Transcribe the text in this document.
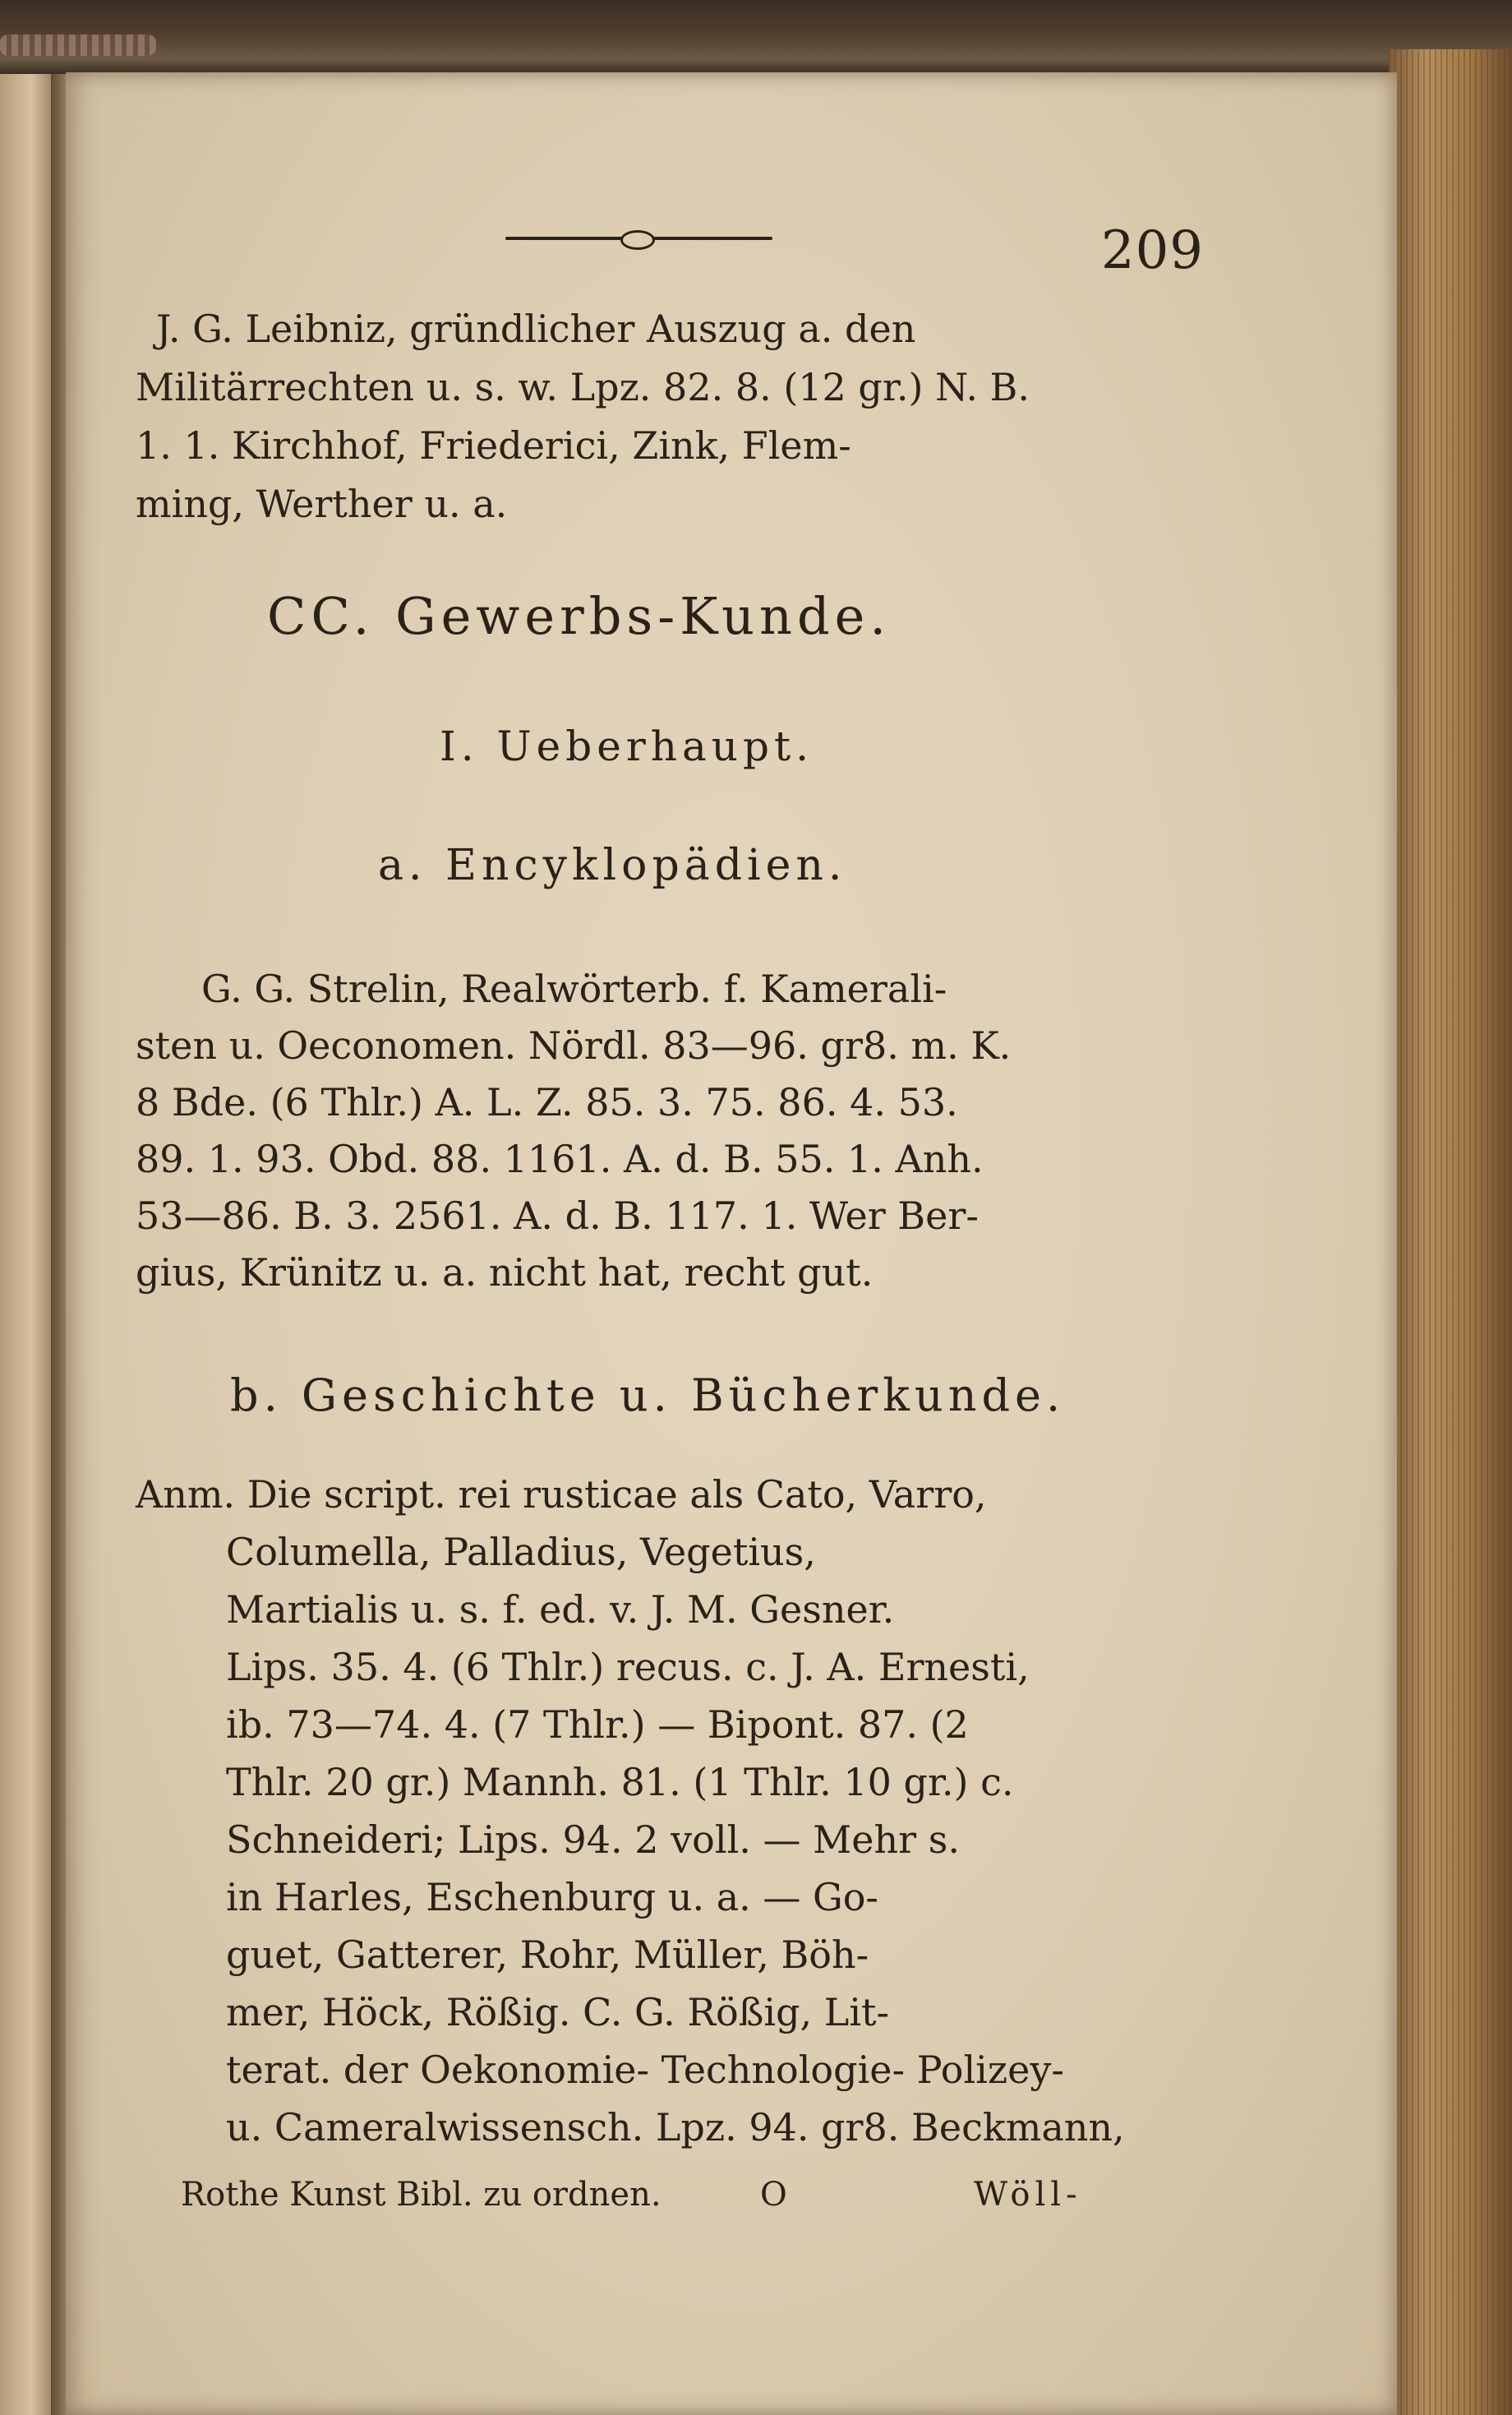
209
J. G. Leibniz, gründlicher Auszug a. den
Militärrechten u. s. w. Lpz. 82. 8. (12 gr.) N. B.
1. 1. Kirchhof, Friederici, Zink, Flem-
ming, Werther u. a.
CC. Gewerbs-Kunde.
I. Ueberhaupt.
a. Encyklopädien.
G. G. Strelin, Realwörterb. f. Kamerali-
sten u. Oeconomen. Nördl. 83—96. gr8. m. K.
8 Bde. (6 Thlr.) A. L. Z. 85. 3. 75. 86. 4. 53.
89. 1. 93. Obd. 88. 1161. A. d. B. 55. 1. Anh.
53—86. B. 3. 2561. A. d. B. 117. 1. Wer Ber-
gius, Krünitz u. a. nicht hat, recht gut.
b. Geschichte u. Bücherkunde.
Anm. Die script. rei rusticae als Cato, Varro,
Columella, Palladius, Vegetius,
Martialis u. s. f. ed. v. J. M. Gesner.
Lips. 35. 4. (6 Thlr.) recus. c. J. A. Ernesti,
ib. 73—74. 4. (7 Thlr.) — Bipont. 87. (2
Thlr. 20 gr.) Mannh. 81. (1 Thlr. 10 gr.) c.
Schneideri; Lips. 94. 2 voll. — Mehr s.
in Harles, Eschenburg u. a. — Go-
guet, Gatterer, Rohr, Müller, Böh-
mer, Höck, Rößig. C. G. Rößig, Lit-
terat. der Oekonomie- Technologie- Polizey-
u. Cameralwissensch. Lpz. 94. gr8. Beckmann,
Rothe Kunst Bibl. zu ordnen.	O	Wöll-
